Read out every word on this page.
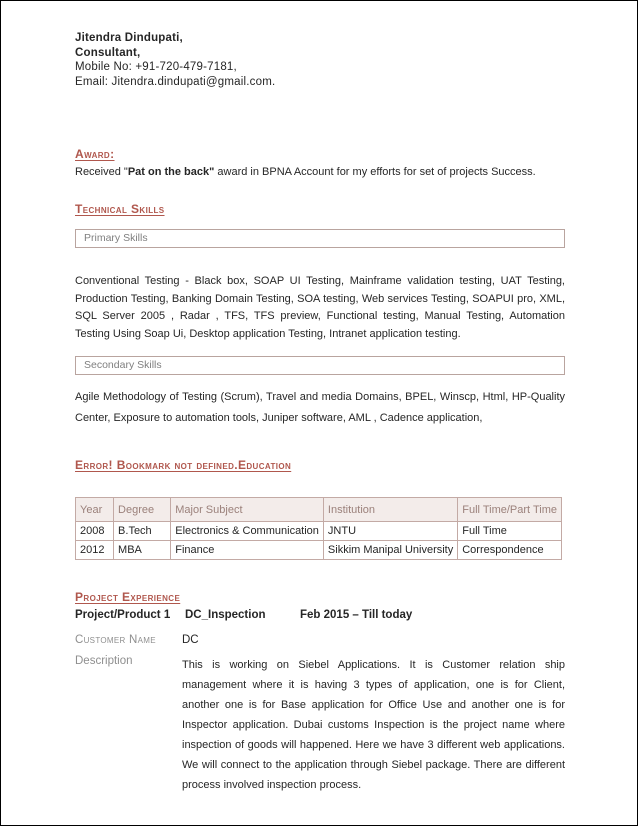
Jitendra Dindupati,
Consultant,
Mobile No: +91-720-479-7181,
Email: Jitendra.dindupati@gmail.com.
Award:

Received "Pat on the back" award in BPNA Account for my efforts for set of projects Success.

Technical Skills
Primary Skills

Conventional Testing - Black box, SOAP UI Testing, Mainframe validation testing, UAT Testing, Production Testing, Banking Domain Testing, SOA testing, Web services Testing, SOAPUI pro, XML, SQL Server 2005 , Radar , TFS, TFS preview, Functional testing, Manual Testing, Automation Testing Using Soap Ui, Desktop application Testing, Intranet application testing.

Secondary Skills

Agile Methodology of Testing (Scrum), Travel and media Domains, BPEL, Winscp, Html, HP-Quality Center, Exposure to automation tools, Juniper software, AML , Cadence application,

Error! Bookmark not defined.Education
Year	Degree	Major Subject	Institution	Full Time/Part Time
2008	B.Tech	Electronics & Communication	JNTU	Full Time
2012	MBA	Finance	Sikkim Manipal University	Correspondence
Project Experience
Project/Product 1	DC_Inspection	Feb 2015 – Till today
Customer Name	DC
Description	This is working on Siebel Applications. It is Customer relation ship management where it is having 3 types of application, one is for Client, another one is for Base application for Office Use and another one is for Inspector application. Dubai customs Inspection is the project name where inspection of goods will happened. Here we have 3 different web applications. We will connect to the application through Siebel package. There are different process involved inspection process.
